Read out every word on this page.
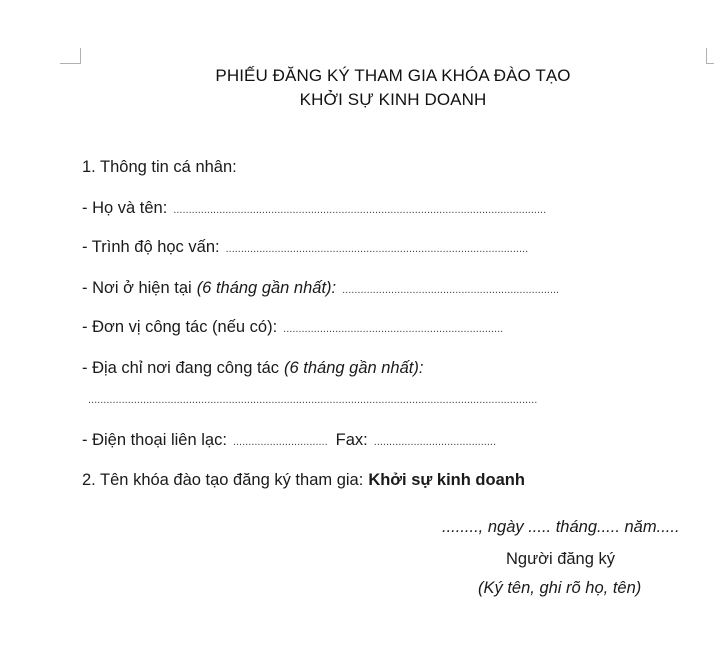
PHIẾU ĐĂNG KÝ THAM GIA KHÓA ĐÀO TẠO
KHỞI SỰ KINH DOANH
1. Thông tin cá nhân:
- Họ và tên: ..........................................................................................................................
- Trình độ học vấn: ...................................................................................................
- Nơi ở hiện tại (6 tháng gần nhất): .......................................................................
- Đơn vị công tác (nếu có): ........................................................................
- Địa chỉ nơi đang công tác (6 tháng gần nhất):
...................................................................................................................................................
- Điện thoại liên lạc: ............................... Fax: ........................................
2. Tên khóa đào tạo đăng ký tham gia: Khởi sự kinh doanh
........, ngày ..... tháng..... năm.....
Người đăng ký
(Ký tên, ghi rõ họ, tên)
